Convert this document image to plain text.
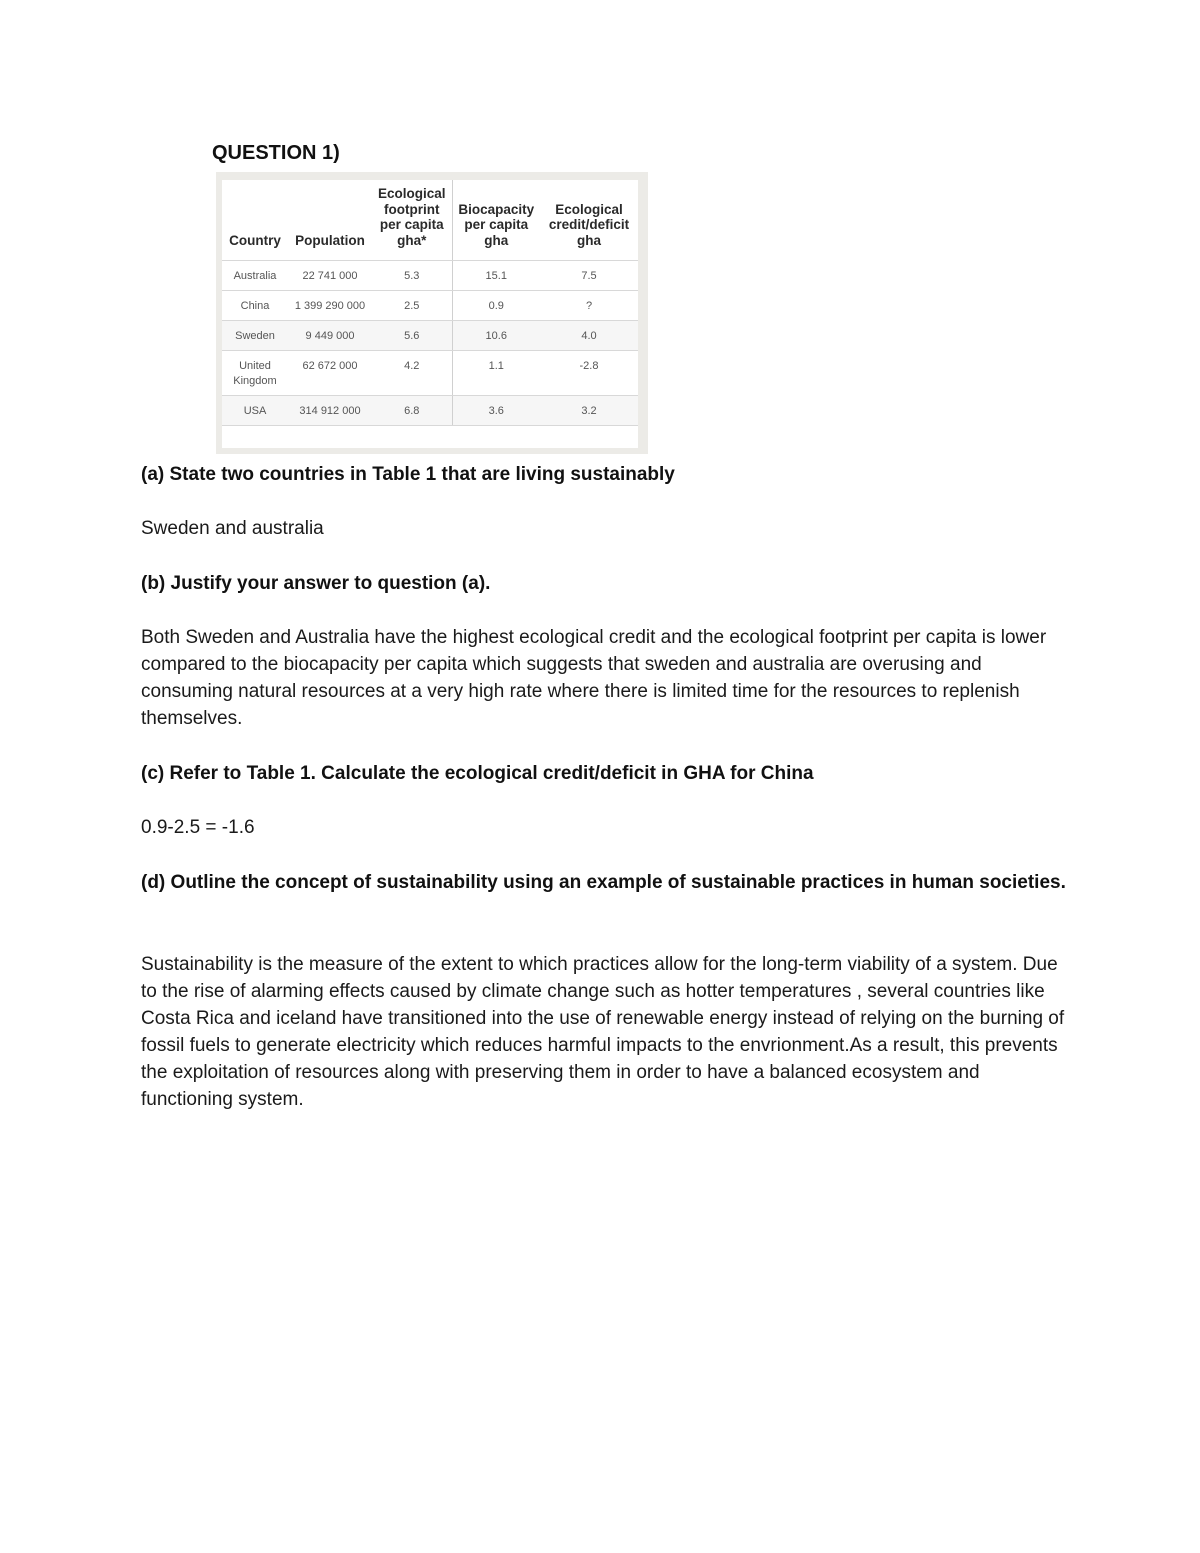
QUESTION 1)

Country	Population	Ecological footprint per capita gha*	Biocapacity per capita gha	Ecological credit/deficit gha
Australia	22 741 000	5.3	15.1	7.5
China	1 399 290 000	2.5	0.9	?
Sweden	9 449 000	5.6	10.6	4.0
United Kingdom	62 672 000	4.2	1.1	-2.8
USA	314 912 000	6.8	3.6	3.2

(a) State two countries in Table 1 that are living sustainably

Sweden and australia

(b) Justify your answer to question (a).

Both Sweden and Australia have the highest ecological credit and the ecological footprint per capita is lower compared to the biocapacity per capita which suggests that sweden and australia are overusing and consuming natural resources at a very high rate where there is limited time for the resources to replenish themselves.

(c) Refer to Table 1. Calculate the ecological credit/deficit in GHA for China

0.9-2.5 = -1.6

(d) Outline the concept of sustainability using an example of sustainable practices in human societies.

Sustainability is the measure of the extent to which practices allow for the long-term viability of a system. Due to the rise of alarming effects caused by climate change such as hotter temperatures , several countries like Costa Rica and iceland have transitioned into the use of renewable energy instead of relying on the burning of fossil fuels to generate electricity which reduces harmful impacts to the envrionment.As a result, this prevents the exploitation of resources along with preserving them in order to have a balanced ecosystem and functioning system.
